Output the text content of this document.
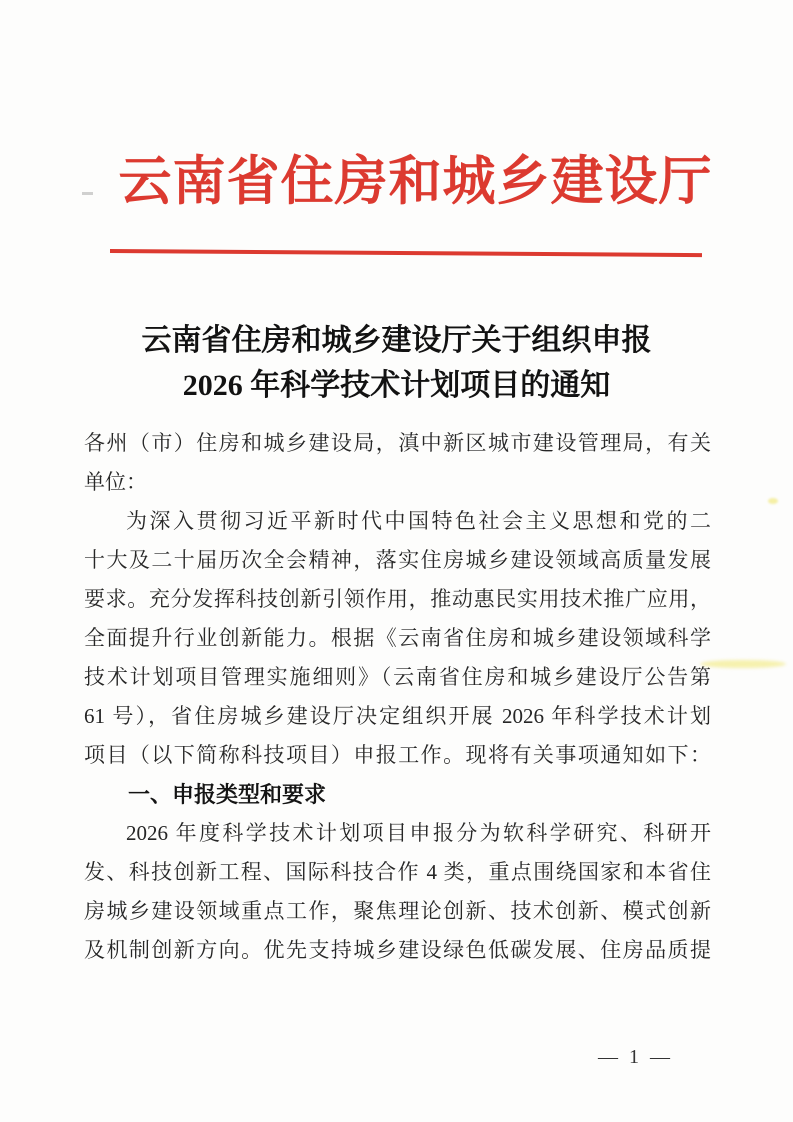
云南省住房和城乡建设厅
云南省住房和城乡建设厅关于组织申报
2026 年科学技术计划项目的通知
各州（市）住房和城乡建设局，滇中新区城市建设管理局，有关
单位：
为深入贯彻习近平新时代中国特色社会主义思想和党的二
十大及二十届历次全会精神，落实住房城乡建设领域高质量发展
要求。充分发挥科技创新引领作用，推动惠民实用技术推广应用，
全面提升行业创新能力。根据《云南省住房和城乡建设领域科学
技术计划项目管理实施细则》（云南省住房和城乡建设厅公告第
61 号），省住房城乡建设厅决定组织开展 2026 年科学技术计划
项目（以下简称科技项目）申报工作。现将有关事项通知如下：
一、申报类型和要求
2026 年度科学技术计划项目申报分为软科学研究、科研开
发、科技创新工程、国际科技合作 4 类，重点围绕国家和本省住
房城乡建设领域重点工作，聚焦理论创新、技术创新、模式创新
及机制创新方向。优先支持城乡建设绿色低碳发展、住房品质提
— 1 —
